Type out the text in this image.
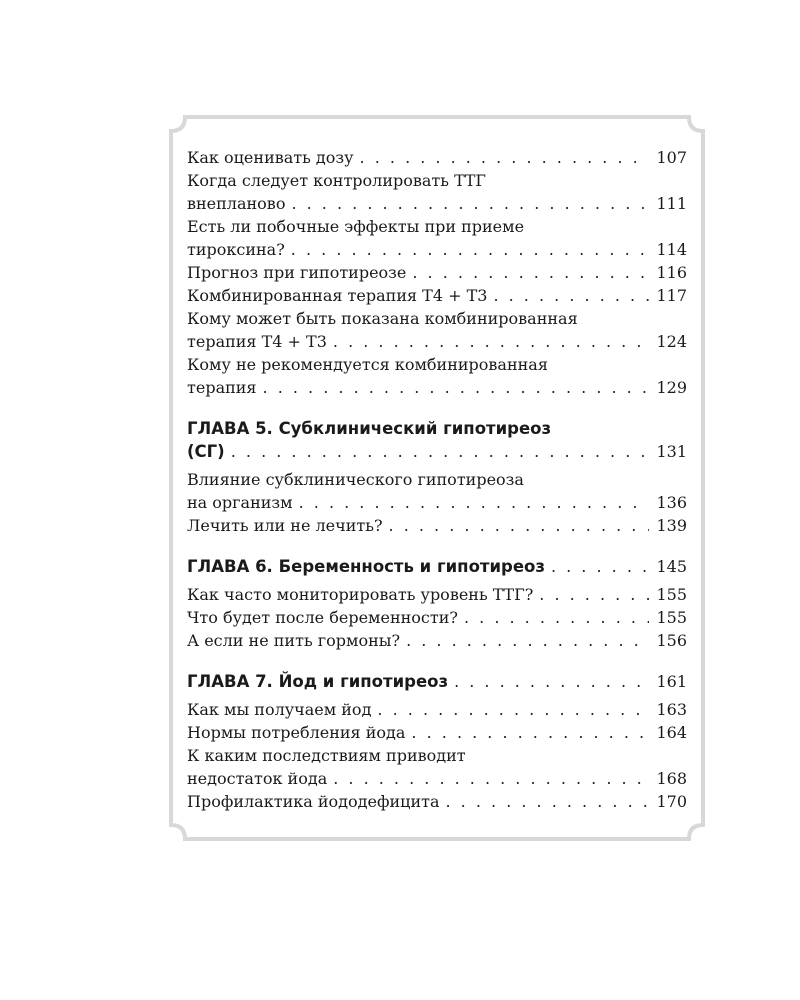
Как оценивать дозу . . .	107
Когда следует контролировать ТТГ
внепланово . . .	111
Есть ли побочные эффекты при приеме
тироксина? . . .	114
Прогноз при гипотиреозе . . .	116
Комбинированная терапия Т4 + Т3 . . .	117
Кому может быть показана комбинированная
терапия Т4 + Т3 . . .	124
Кому не рекомендуется комбинированная
терапия . . .	129
ГЛАВА 5. Субклинический гипотиреоз
(СГ) . . .	131
Влияние субклинического гипотиреоза
на организм . . .	136
Лечить или не лечить? . . .	139
ГЛАВА 6. Беременность и гипотиреоз . . .	145
Как часто мониторировать уровень ТТГ? . . .	155
Что будет после беременности? . . .	155
А если не пить гормоны? . . .	156
ГЛАВА 7. Йод и гипотиреоз . . .	161
Как мы получаем йод . . .	163
Нормы потребления йода . . .	164
К каким последствиям приводит
недостаток йода . . .	168
Профилактика йододефицита . . .	170
